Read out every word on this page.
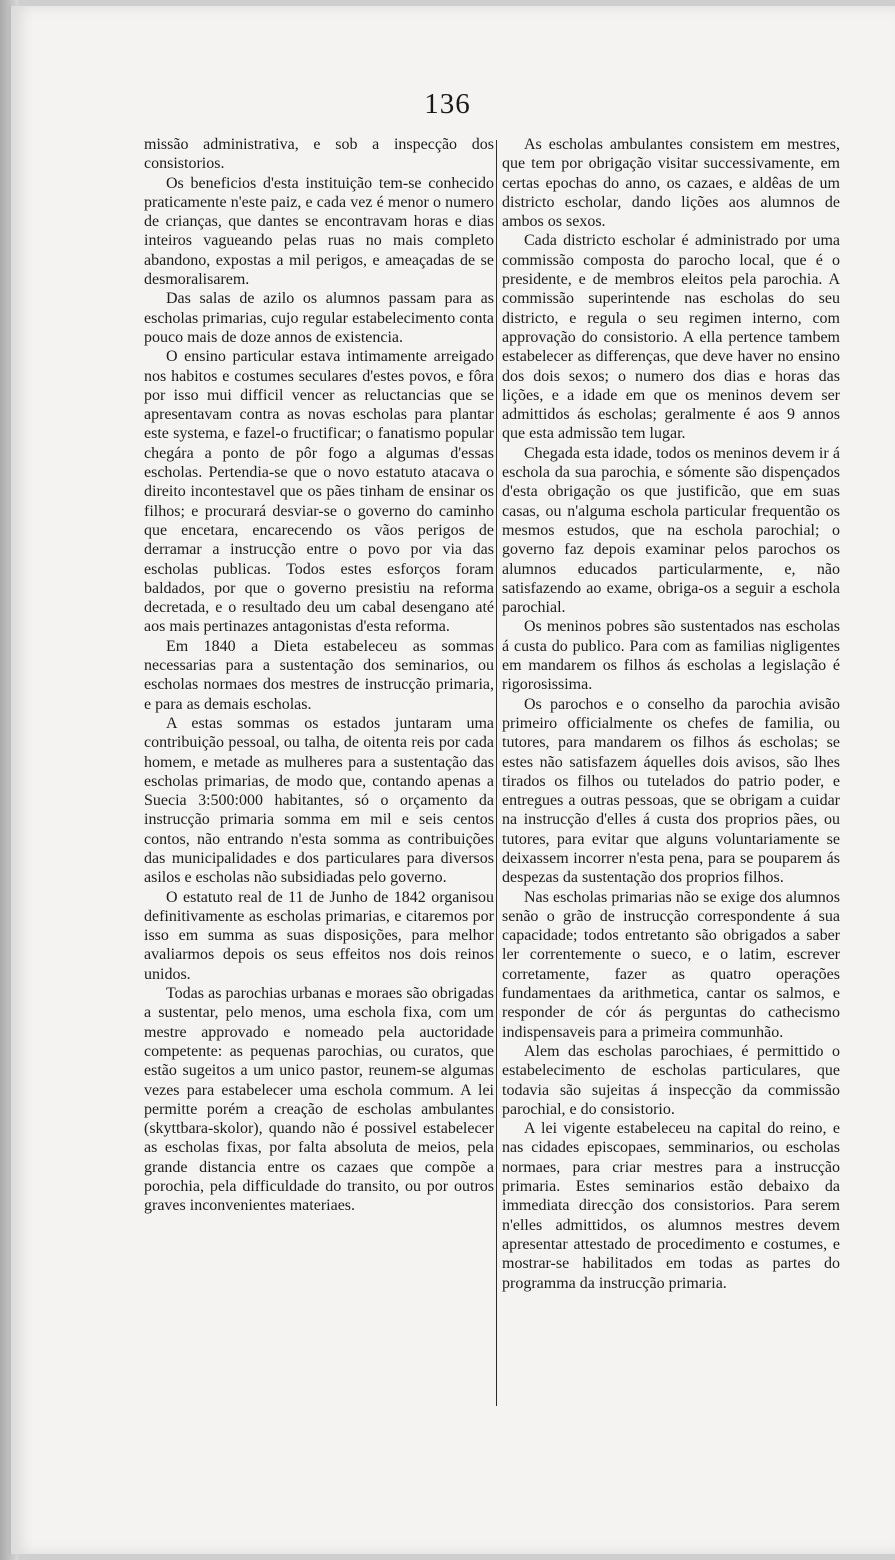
136

missão administrativa, e sob a inspecção dos consistorios.

Os beneficios d'esta instituição tem-se conhecido praticamente n'este paiz, e cada vez é menor o numero de crianças, que dantes se encontravam horas e dias inteiros vagueando pelas ruas no mais completo abandono, expostas a mil perigos, e ameaçadas de se desmoralisarem.

Das salas de azilo os alumnos passam para as escholas primarias, cujo regular estabelecimento conta pouco mais de doze annos de existencia.

O ensino particular estava intimamente arreigado nos habitos e costumes seculares d'estes povos, e fôra por isso mui difficil vencer as reluctancias que se apresentavam contra as novas escholas para plantar este systema, e fazel-o fructificar; o fanatismo popular chegára a ponto de pôr fogo a algumas d'essas escholas. Pertendia-se que o novo estatuto atacava o direito incontestavel que os pães tinham de ensinar os filhos; e procurará desviar-se o governo do caminho que encetara, encarecendo os vãos perigos de derramar a instrucção entre o povo por via das escholas publicas. Todos estes esforços foram baldados, por que o governo presistiu na reforma decretada, e o resultado deu um cabal desengano até aos mais pertinazes antagonistas d'esta reforma.

Em 1840 a Dieta estabeleceu as sommas necessarias para a sustentação dos seminarios, ou escholas normaes dos mestres de instrucção primaria, e para as demais escholas.

A estas sommas os estados juntaram uma contribuição pessoal, ou talha, de oitenta reis por cada homem, e metade as mulheres para a sustentação das escholas primarias, de modo que, contando apenas a Suecia 3:500:000 habitantes, só o orçamento da instrucção primaria somma em mil e seis centos contos, não entrando n'esta somma as contribuições das municipalidades e dos particulares para diversos asilos e escholas não subsidiadas pelo governo.

O estatuto real de 11 de Junho de 1842 organisou definitivamente as escholas primarias, e citaremos por isso em summa as suas disposições, para melhor avaliarmos depois os seus effeitos nos dois reinos unidos.

Todas as parochias urbanas e moraes são obrigadas a sustentar, pelo menos, uma eschola fixa, com um mestre approvado e nomeado pela auctoridade competente: as pequenas parochias, ou curatos, que estão sugeitos a um unico pastor, reunem-se algumas vezes para estabelecer uma eschola commum. A lei permitte porém a creação de escholas ambulantes (skyttbara-skolor), quando não é possivel estabelecer as escholas fixas, por falta absoluta de meios, pela grande distancia entre os cazaes que compõe a porochia, pela difficuldade do transito, ou por outros graves inconvenientes materiaes.

As escholas ambulantes consistem em mestres, que tem por obrigação visitar successivamente, em certas epochas do anno, os cazaes, e aldêas de um districto escholar, dando lições aos alumnos de ambos os sexos.

Cada districto escholar é administrado por uma commissão composta do parocho local, que é o presidente, e de membros eleitos pela parochia. A commissão superintende nas escholas do seu districto, e regula o seu regimen interno, com approvação do consistorio. A ella pertence tambem estabelecer as differenças, que deve haver no ensino dos dois sexos; o numero dos dias e horas das lições, e a idade em que os meninos devem ser admittidos ás escholas; geralmente é aos 9 annos que esta admissão tem lugar.

Chegada esta idade, todos os meninos devem ir á eschola da sua parochia, e sómente são dispençados d'esta obrigação os que justificão, que em suas casas, ou n'alguma eschola particular frequentão os mesmos estudos, que na eschola parochial; o governo faz depois examinar pelos parochos os alumnos educados particularmente, e, não satisfazendo ao exame, obriga-os a seguir a eschola parochial.

Os meninos pobres são sustentados nas escholas á custa do publico. Para com as familias nigligentes em mandarem os filhos ás escholas a legislação é rigorosissima.

Os parochos e o conselho da parochia avisão primeiro officialmente os chefes de familia, ou tutores, para mandarem os filhos ás escholas; se estes não satisfazem áquelles dois avisos, são lhes tirados os filhos ou tutelados do patrio poder, e entregues a outras pessoas, que se obrigam a cuidar na instrucção d'elles á custa dos proprios pães, ou tutores, para evitar que alguns voluntariamente se deixassem incorrer n'esta pena, para se pouparem ás despezas da sustentação dos proprios filhos.

Nas escholas primarias não se exige dos alumnos senão o grão de instrucção correspondente á sua capacidade; todos entretanto são obrigados a saber ler correntemente o sueco, e o latim, escrever corretamente, fazer as quatro operações fundamentaes da arithmetica, cantar os salmos, e responder de cór ás perguntas do cathecismo indispensaveis para a primeira communhão.

Alem das escholas parochiaes, é permittido o estabelecimento de escholas particulares, que todavia são sujeitas á inspecção da commissão parochial, e do consistorio.

A lei vigente estabeleceu na capital do reino, e nas cidades episcopaes, semminarios, ou escholas normaes, para criar mestres para a instrucção primaria. Estes seminarios estão debaixo da immediata direcção dos consistorios. Para serem n'elles admittidos, os alumnos mestres devem apresentar attestado de procedimento e costumes, e mostrar-se habilitados em todas as partes do programma da instrucção primaria.
